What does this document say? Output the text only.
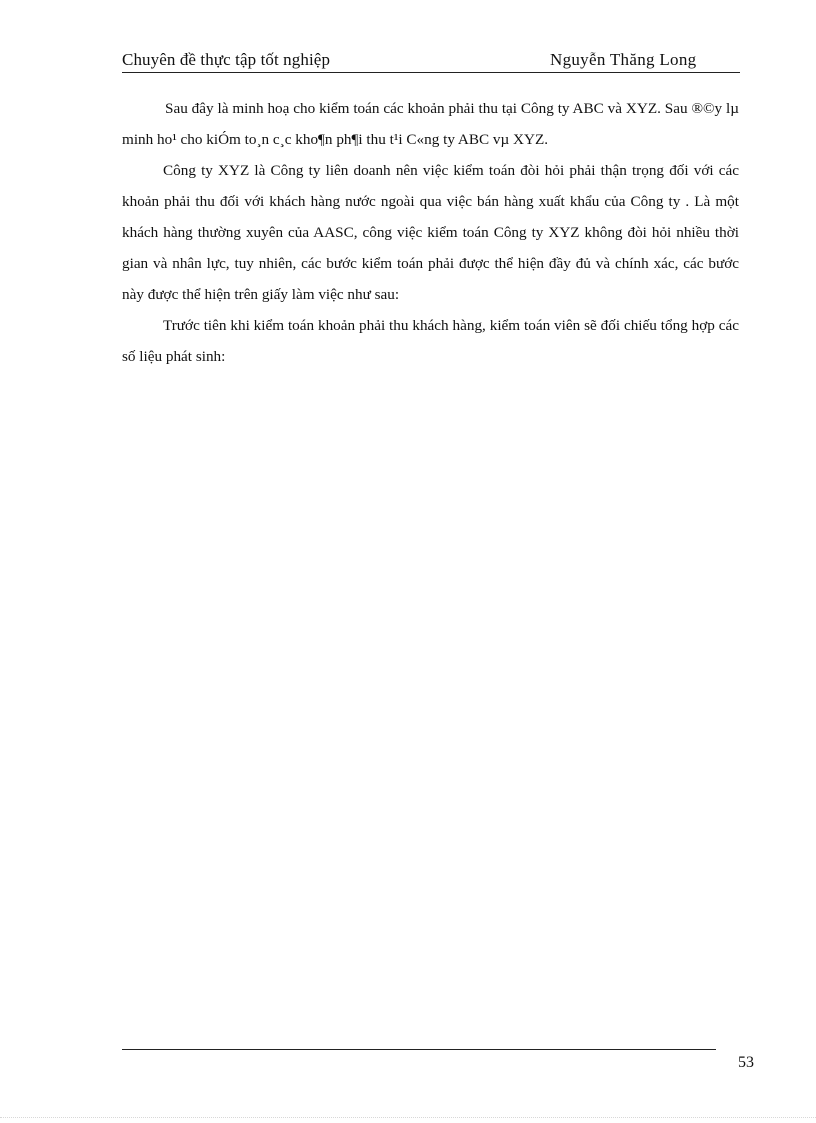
Chuyên đề thực tập tốt nghiệp	Nguyễn Thăng Long

Sau đây là minh hoạ cho kiểm toán các khoản phải thu tại Công ty ABC và XYZ. Sau ®©y lµ minh ho¹ cho kiÓm to¸n c¸c kho¶n ph¶i thu t¹i C«ng ty ABC vµ XYZ.

Công ty XYZ là Công ty liên doanh nên việc kiểm toán đòi hỏi phải thận trọng đối với các khoản phải thu đối với khách hàng nước ngoài qua việc bán hàng xuất khẩu của Công ty . Là một khách hàng thường xuyên của AASC, công việc kiểm toán Công ty XYZ không đòi hỏi nhiều thời gian và nhân lực, tuy nhiên, các bước kiểm toán phải được thể hiện đầy đủ và chính xác, các bước này được thể hiện trên giấy làm việc như sau:

Trước tiên khi kiểm toán khoản phải thu khách hàng, kiểm toán viên sẽ đối chiếu tổng hợp các số liệu phát sinh:

53
